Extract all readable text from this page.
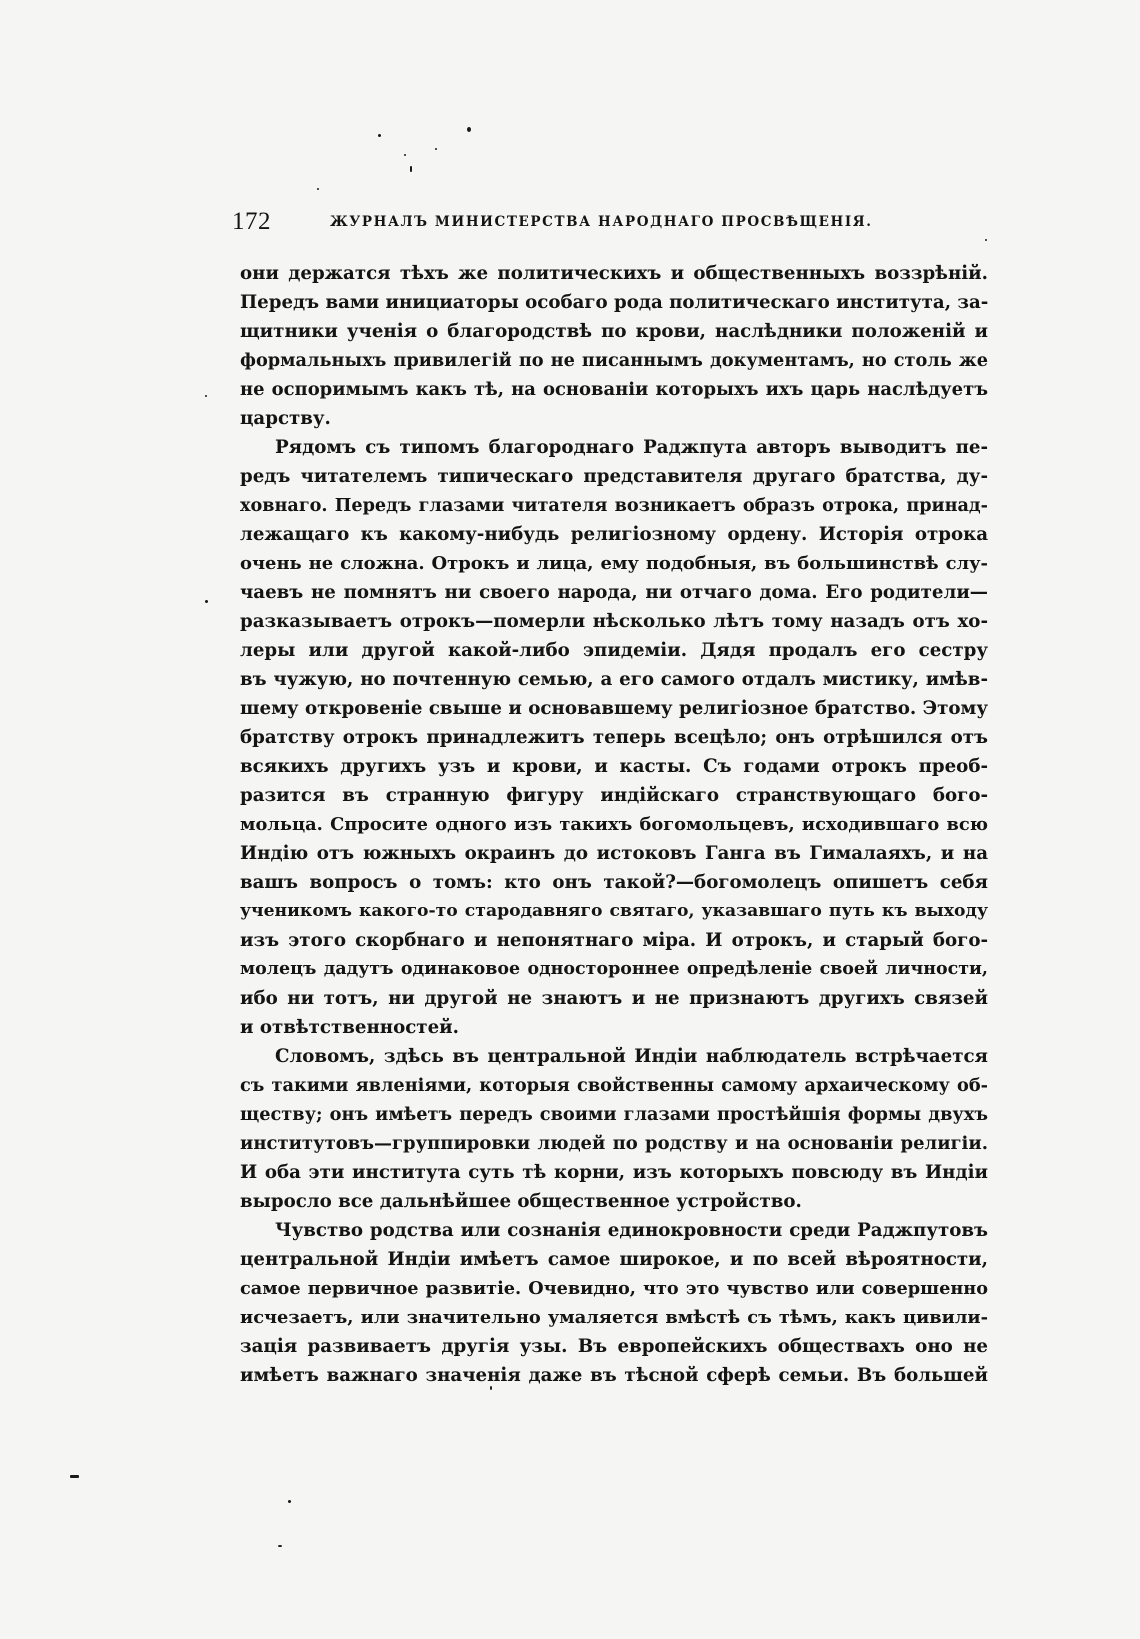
172	ЖУРНАЛЪ МИНИСТЕРСТВА НАРОДНАГО ПРОСВѢЩЕНІЯ.
они держатся тѣхъ же политическихъ и общественныхъ воззрѣній.
Передъ вами инициаторы особаго рода политическаго института, за-
щитники ученія о благородствѣ по крови, наслѣдники положеній и
формальныхъ привилегій по не писаннымъ документамъ, но столь же
не оспоримымъ какъ тѣ, на основаніи которыхъ ихъ царь наслѣдуетъ
царству.
Рядомъ съ типомъ благороднаго Раджпута авторъ выводитъ пе-
редъ читателемъ типическаго представителя другаго братства, ду-
ховнаго. Передъ глазами читателя возникаетъ образъ отрока, принад-
лежащаго къ какому-нибудь религіозному ордену. Исторія отрока
очень не сложна. Отрокъ и лица, ему подобныя, въ большинствѣ слу-
чаевъ не помнятъ ни своего народа, ни отчаго дома. Его родители—
разказываетъ отрокъ—померли нѣсколько лѣтъ тому назадъ отъ хо-
леры или другой какой-либо эпидеміи. Дядя продалъ его сестру
въ чужую, но почтенную семью, а его самого отдалъ мистику, имѣв-
шему откровеніе свыше и основавшему религіозное братство. Этому
братству отрокъ принадлежитъ теперь всецѣло; онъ отрѣшился отъ
всякихъ другихъ узъ и крови, и касты. Съ годами отрокъ преоб-
разится въ странную фигуру индійскаго странствующаго бого-
мольца. Спросите одного изъ такихъ богомольцевъ, исходившаго всю
Индію отъ южныхъ окраинъ до истоковъ Ганга въ Гималаяхъ, и на
вашъ вопросъ о томъ: кто онъ такой?—богомолецъ опишетъ себя
ученикомъ какого-то стародавняго святаго, указавшаго путь къ выходу
изъ этого скорбнаго и непонятнаго міра. И отрокъ, и старый бого-
молецъ дадутъ одинаковое одностороннее опредѣленіе своей личности,
ибо ни тотъ, ни другой не знаютъ и не признаютъ другихъ связей
и отвѣтственностей.
Словомъ, здѣсь въ центральной Индіи наблюдатель встрѣчается
съ такими явленіями, которыя свойственны самому архаическому об-
ществу; онъ имѣетъ передъ своими глазами простѣйшія формы двухъ
институтовъ—группировки людей по родству и на основаніи религіи.
И оба эти института суть тѣ корни, изъ которыхъ повсюду въ Индіи
выросло все дальнѣйшее общественное устройство.
Чувство родства или сознанія единокровности среди Раджпутовъ
центральной Индіи имѣетъ самое широкое, и по всей вѣроятности,
самое первичное развитіе. Очевидно, что это чувство или совершенно
исчезаетъ, или значительно умаляется вмѣстѣ съ тѣмъ, какъ цивили-
зація развиваетъ другія узы. Въ европейскихъ обществахъ оно не
имѣетъ важнаго значенія даже въ тѣсной сферѣ семьи. Въ большей
